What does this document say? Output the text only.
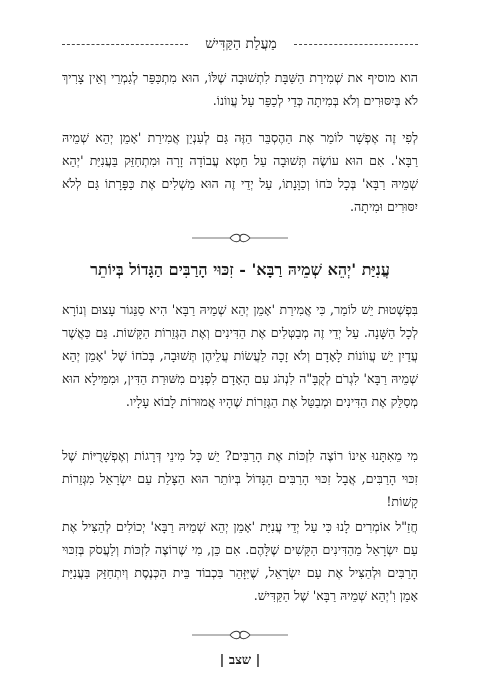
מַעֲלַת הַקַּדִּישׁ

הוא מוסיף את שְׁמִירַת הַשַּׁבָּת לִתְשׁוּבָה שֶׁלּוֹ, הוּא מִתְכַּפֵּר לְגַמְרֵי וְאֵין צָרִיךְ לֹא בְּיִסּוּרִים וְלֹא בְּמִיתָה כְּדֵי לְכַפֵּר עַל עֲווֹנוֹ.

לְפִי זֶה אֶפְשָׁר לוֹמַר אֶת הַהֶסְבֵּר הַזֶּה גַּם לְעִנְיַן אֲמִירַת 'אָמֵן יְהֵא שְׁמֵיהּ רַבָּא'. אִם הוּא עוֹשֶׂה תְּשׁוּבָה עַל חֵטְא עֲבוֹדָה זָרָה וּמִתְחַזֵּק בַּעֲנִיַּת 'יְהֵא שְׁמֵיהּ רַבָּא' בְּכָל כֹּחוֹ וְכַוָּנָתוֹ, עַל יְדֵי זֶה הוּא מַשְׁלִים אֶת כַּפָּרָתוֹ גַּם לְלֹא יִסּוּרִים וּמִיתָה.

עֲנִיַּת 'יְהֵא שְׁמֵיהּ רַבָּא' - זִכּוּי הָרַבִּים הַגָּדוֹל בְּיוֹתֵר

בִּפְשְׁטוּת יֵשׁ לוֹמַר, כִּי אֲמִירַת 'אָמֵן יְהֵא שְׁמֵיהּ רַבָּא' הִיא סַנֵּגוֹר עָצוּם וְנוֹרָא לְכָל הַשָּׁנָה. עַל יְדֵי זֶה מְבַטְּלִים אֶת הַדִּינִים וְאֶת הַגְּזֵרוֹת הַקָּשׁוֹת. גַּם כַּאֲשֶׁר עֲדַיִן יֵשׁ עֲווֹנוֹת לָאָדָם וְלֹא זָכָה לַעֲשׂוֹת עֲלֵיהֶן תְּשׁוּבָה, בְּכֹחוֹ שֶׁל 'אָמֵן יְהֵא שְׁמֵיהּ רַבָּא' לִגְרֹם לְקֻבָּ"ה לִנְהֹג עִם הָאָדָם לִפְנִים מִשּׁוּרַת הַדִּין, וּמִמֵּילָא הוּא מְסַלֵּק אֶת הַדִּינִים וּמְבַטֵּל אֶת הַגְּזֵרוֹת שֶׁהָיוּ אֲמוּרוֹת לָבוֹא עָלָיו.

מִי מֵאִתָּנוּ אֵינוֹ רוֹצֶה לִזְכּוֹת אֶת הָרַבִּים? יֵשׁ כָּל מִינֵי דְּרָגוֹת וְאֶפְשָׁרֻיּוֹת שֶׁל זִכּוּי הָרַבִּים, אֲבָל זִכּוּי הָרַבִּים הַגָּדוֹל בְּיוֹתֵר הוּא הַצָּלַת עַם יִשְׂרָאֵל מִגְּזֵרוֹת קָשׁוֹת!

חֲזַ"ל אוֹמְרִים לָנוּ כִּי עַל יְדֵי עֲנִיַּת 'אָמֵן יְהֵא שְׁמֵיהּ רַבָּא' יְכוֹלִים לְהַצִּיל אֶת עַם יִשְׂרָאֵל מֵהַדִּינִים הַקָּשִׁים שֶׁלָּהֶם. אִם כֵּן, מִי שֶׁרוֹצֶה לִזְכּוֹת וְלַעֲסֹק בְּזִכּוּי הָרַבִּים וּלְהַצִּיל אֶת עַם יִשְׂרָאֵל, שֶׁיִּזָּהֵר בִּכְבוֹד בֵּית הַכְּנֶסֶת וְיִתְחַזֵּק בַּעֲנִיַּת אָמֵן וִ'יְהֵא שְׁמֵיהּ רַבָּא' שֶׁל הַקַּדִּישׁ.

| שצב |
